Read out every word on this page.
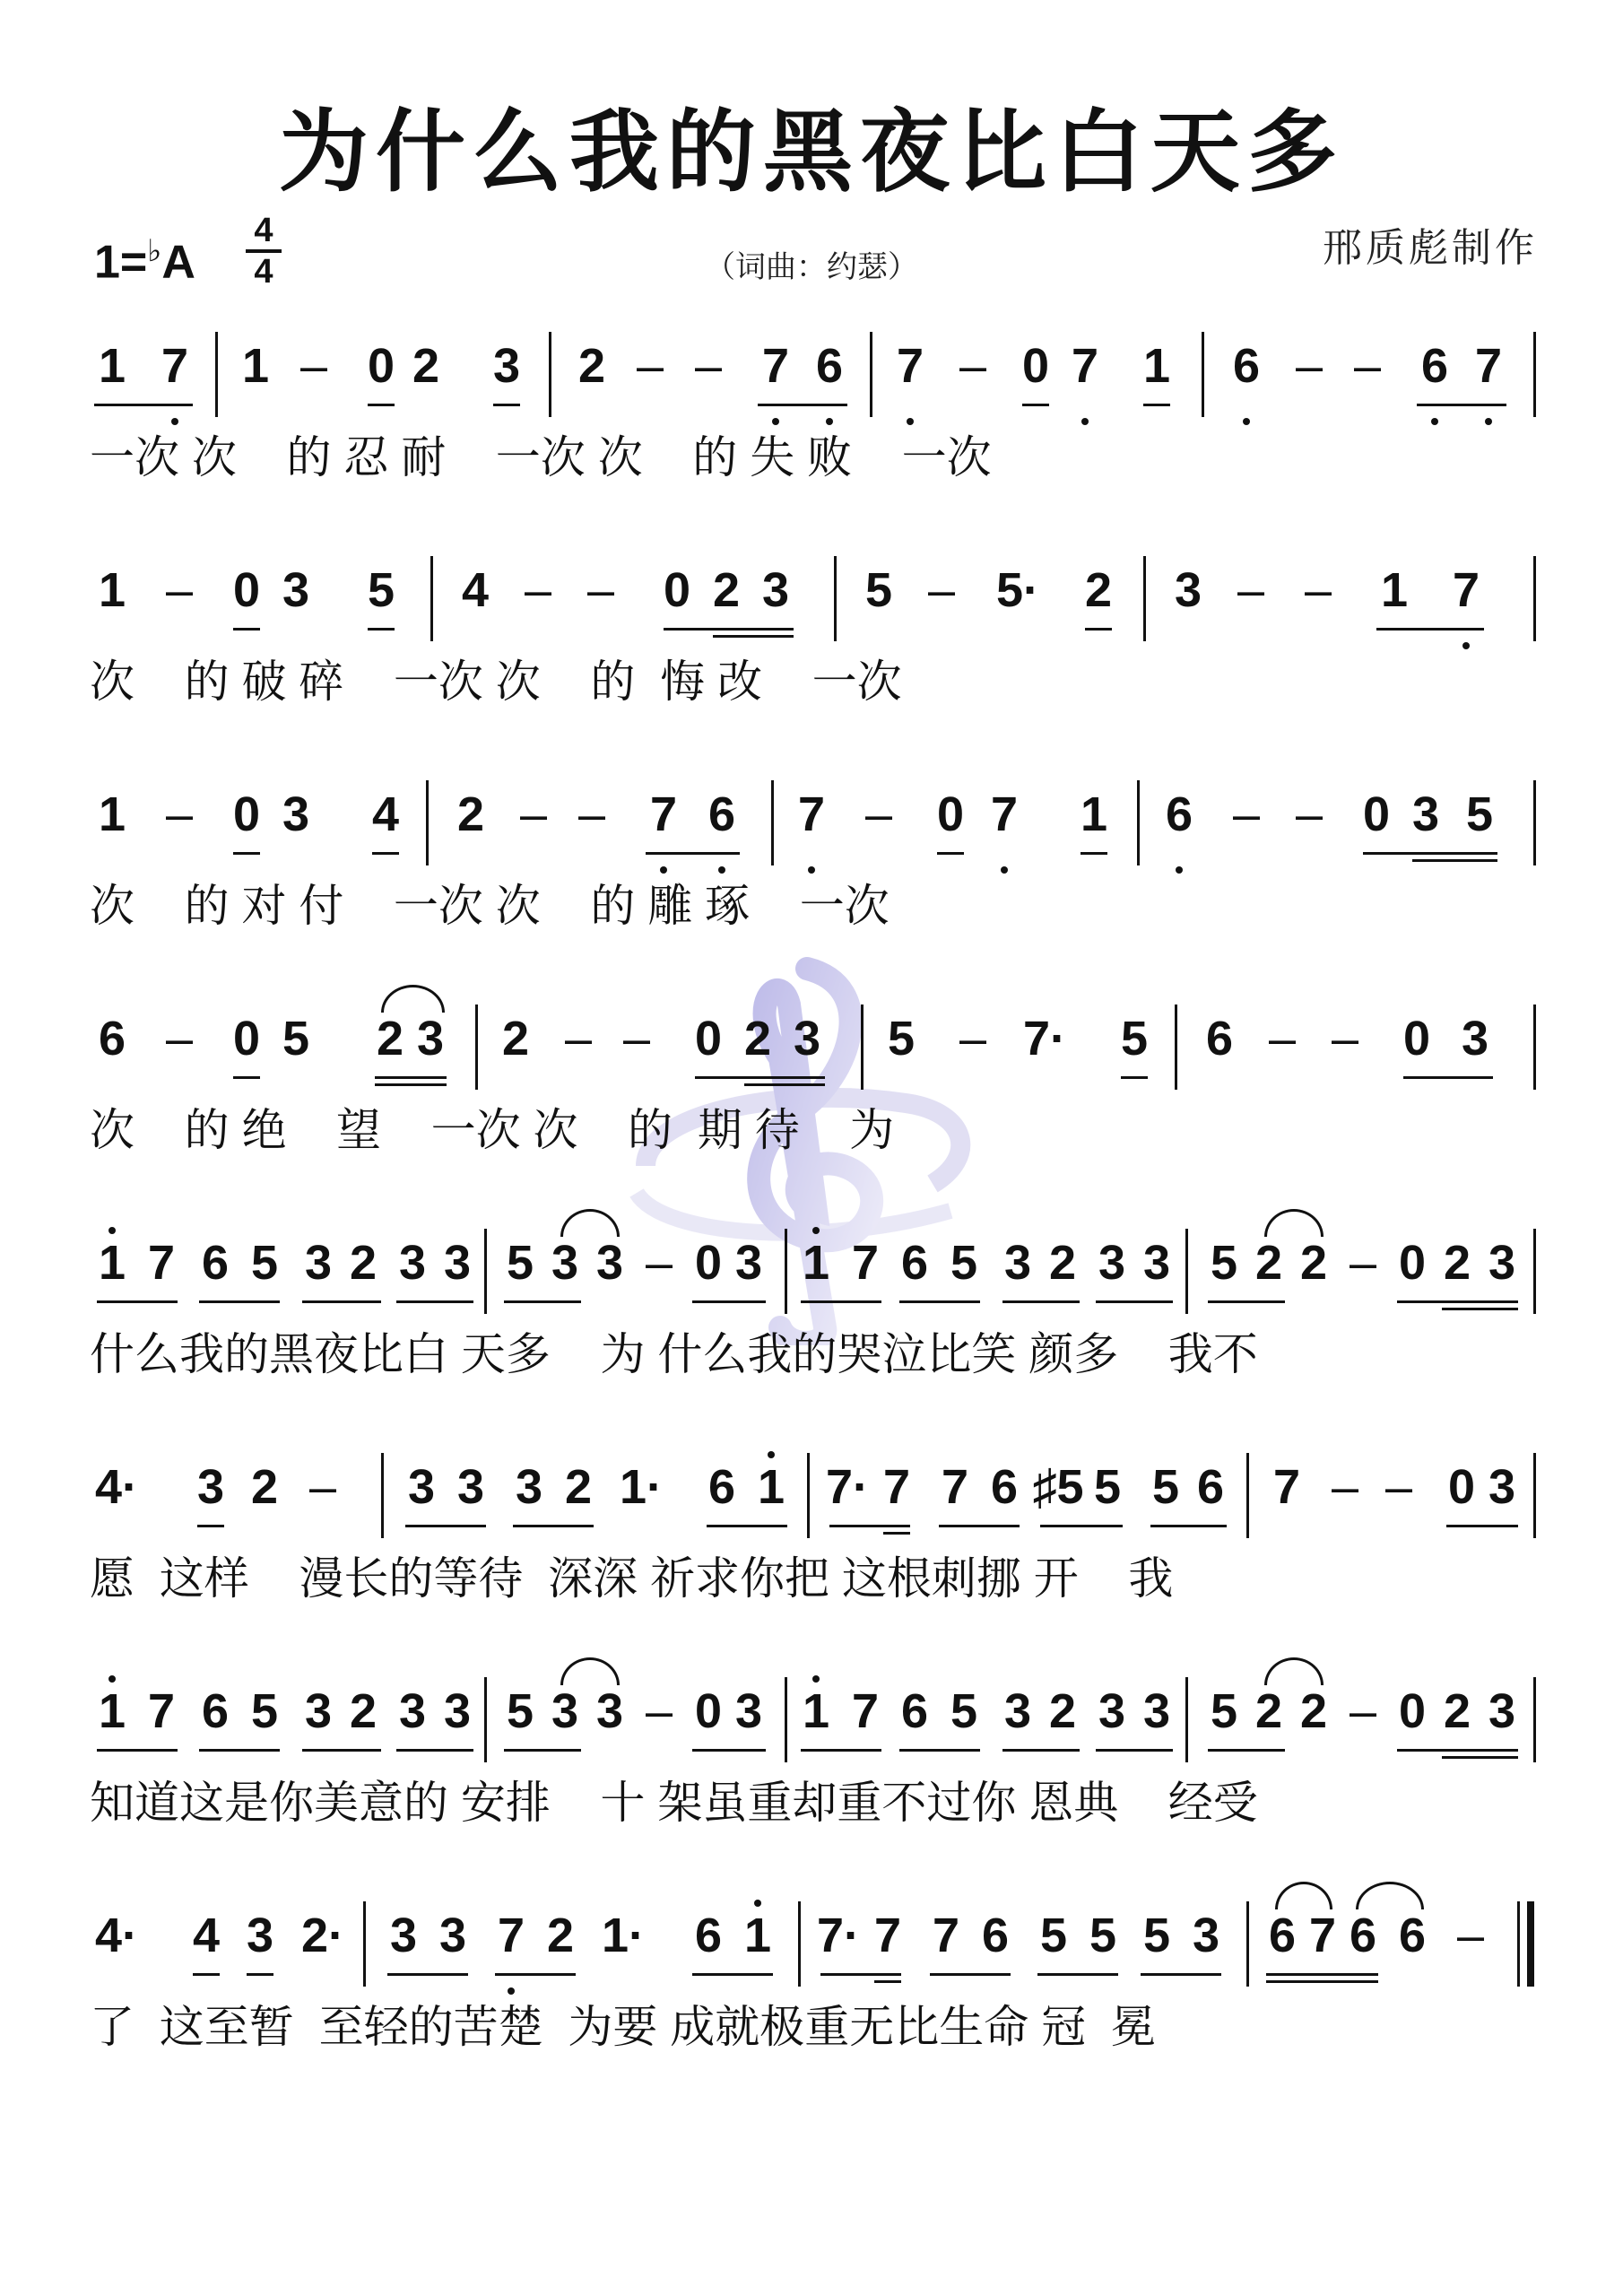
为什么我的黑夜比白天多
1=♭A
4
4	（词曲：约瑟）	邢质彪制作
1 7 1 – 0 2 3 2 – – 7 6 7 – 0 7 1 6 – – 6 7
一次 次    的 忍 耐    一次 次    的 失 败    一次
1 – 0 3 5 4 – – 0 2 3 5 – 5· 2 3 – – 1 7
次    的 破 碎    一次 次    的  悔 改    一次
1 – 0 3 4 2 – – 7 6 7 – 0 7 1 6 – – 0 3 5
次    的 对 付    一次 次    的 雕 琢    一次
6 – 0 5 2 3 2 – – 0 2 3 5 – 7· 5 6 – – 0 3
次    的 绝    望    一次 次    的  期 待    为
1 7 6 5 3 2 3 3 5 3 3 – 0 3 1 7 6 5 3 2 3 3 5 2 2 – 0 2 3
什么我的黑夜比白 天多    为 什么我的哭泣比笑 颜多    我不
4· 3 2 – 3 3 3 2 1· 6 1 7· 7 7 6 ♯5 5 5 6 7 – – 0 3
愿  这样    漫长的等待  深深 祈求你把 这根刺挪 开    我
1 7 6 5 3 2 3 3 5 3 3 – 0 3 1 7 6 5 3 2 3 3 5 2 2 – 0 2 3
知道这是你美意的 安排    十 架虽重却重不过你 恩典    经受
4· 4 3 2· 3 3 7 2 1· 6 1 7· 7 7 6 5 5 5 3 6 7 6 6 –
了  这至暂  至轻的苦楚  为要 成就极重无比生命 冠  冕
